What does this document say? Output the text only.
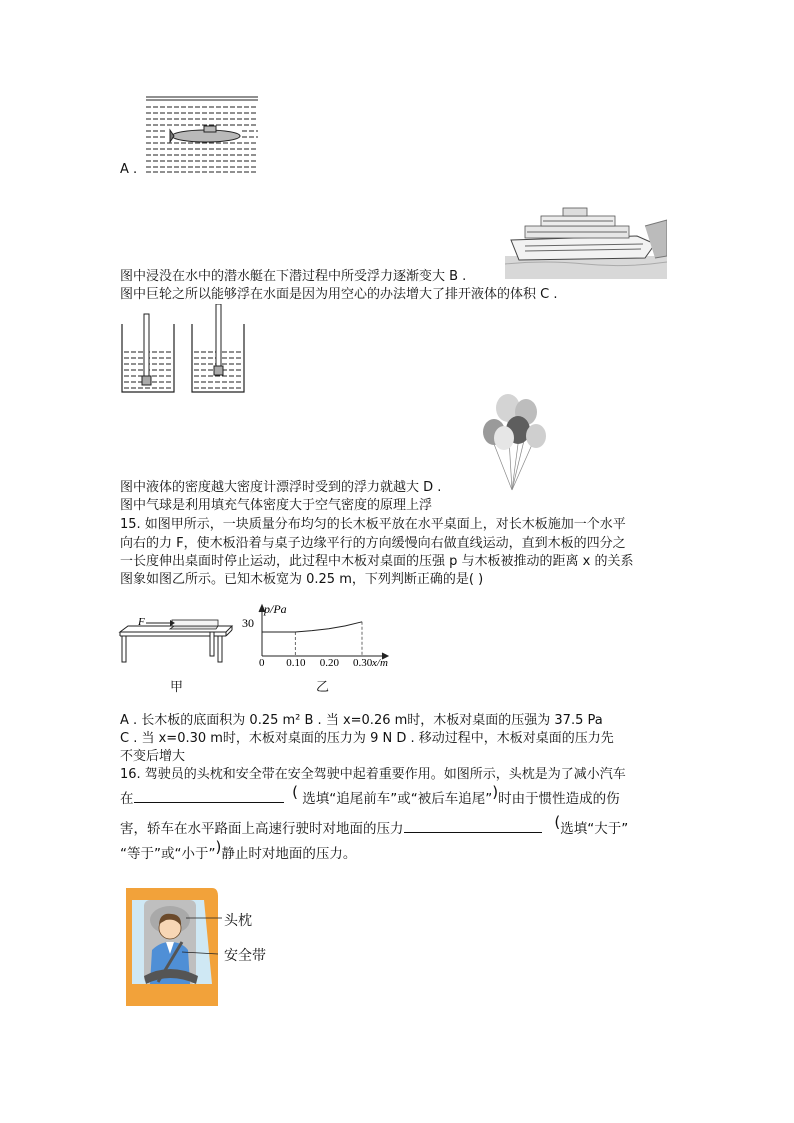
A .
图中浸没在水中的潜水艇在下潜过程中所受浮力逐渐变大 B .
图中巨轮之所以能够浮在水面是因为用空心的办法增大了排开液体的体积 C .
图中液体的密度越大密度计漂浮时受到的浮力就越大 D .
图中气球是利用填充气体密度大于空气密度的原理上浮
15. 如图甲所示，一块质量分布均匀的长木板平放在水平桌面上，对长木板施加一个水平
向右的力 F，使木板沿着与桌子边缘平行的方向缓慢向右做直线运动，直到木板的四分之
一长度伸出桌面时停止运动，此过程中木板对桌面的压强 p 与木板被推动的距离 x 的关系
图象如图乙所示。已知木板宽为 0.25 m，下列判断正确的是( )
F
甲
p/Pa
x/m
30
0 0.10 0.20 0.30
乙
A . 长木板的底面积为 0.25 m² B . 当 x=0.26 m时，木板对桌面的压强为 37.5 Pa
C . 当 x=0.30 m时，木板对桌面的压力为 9 N D . 移动过程中，木板对桌面的压力先
不变后增大
16. 驾驶员的头枕和安全带在安全驾驶中起着重要作用。如图所示，头枕是为了减小汽车
在	( 选填“追尾前车”或“被后车追尾”)时由于惯性造成的伤
害，轿车在水平路面上高速行驶时对地面的压力	(选填“大于”
“等于”或“小于”)静止时对地面的压力。
头枕
安全带
